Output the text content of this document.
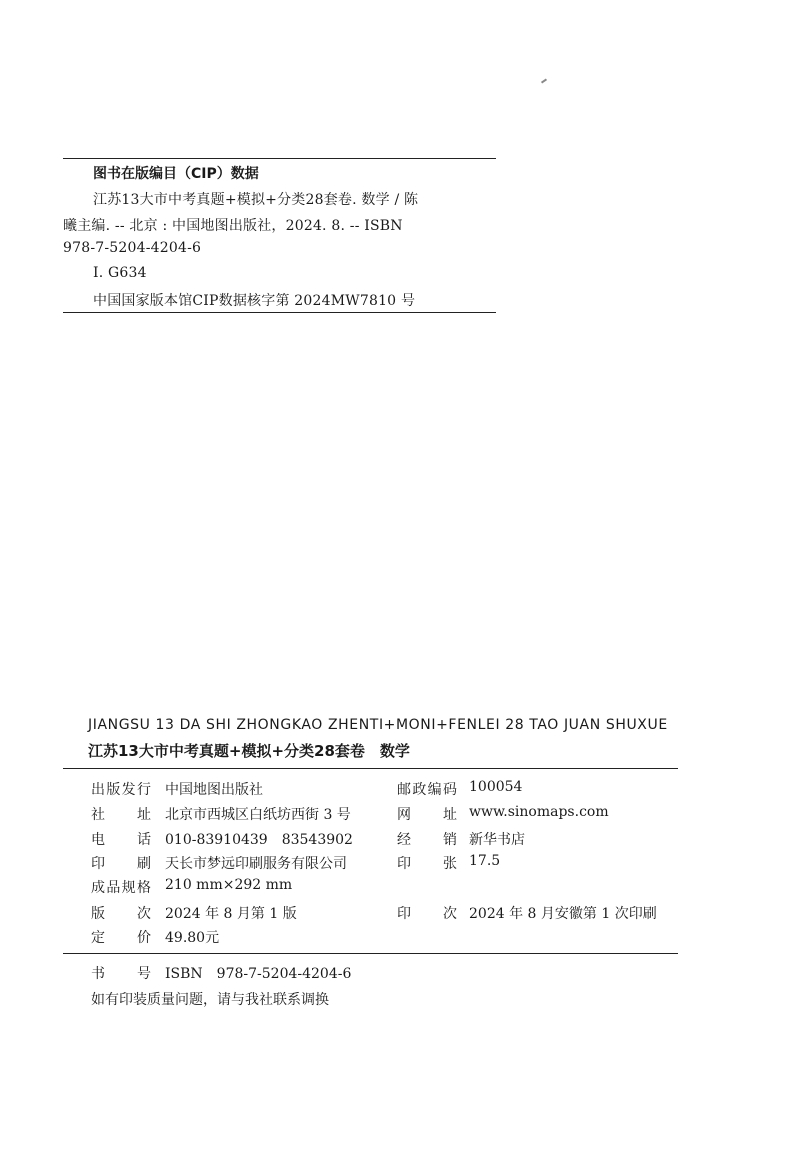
图书在版编目（CIP）数据
江苏13大市中考真题+模拟+分类28套卷. 数学 / 陈
曦主编. -- 北京 : 中国地图出版社，2024. 8. -- ISBN
978-7-5204-4204-6
Ⅰ. G634
中国国家版本馆CIP数据核字第 2024MW7810 号
JIANGSU 13 DA SHI ZHONGKAO ZHENTI+MONI+FENLEI 28 TAO JUAN SHUXUE
江苏13大市中考真题+模拟+分类28套卷　数学
出 版 发 行 中国地图出版社	邮 政 编 码 100054
社 址 北京市西城区白纸坊西街 3 号	网 址 www.sinomaps.com
电 话 010-83910439　83543902	经 销 新华书店
印 刷 天长市梦远印刷服务有限公司	印 张 17.5
成 品 规 格 210 mm×292 mm
版 次 2024 年 8 月第 1 版	印 次 2024 年 8 月安徽第 1 次印刷
定 价 49.80元
书 号 ISBN　978-7-5204-4204-6
如有印装质量问题，请与我社联系调换
